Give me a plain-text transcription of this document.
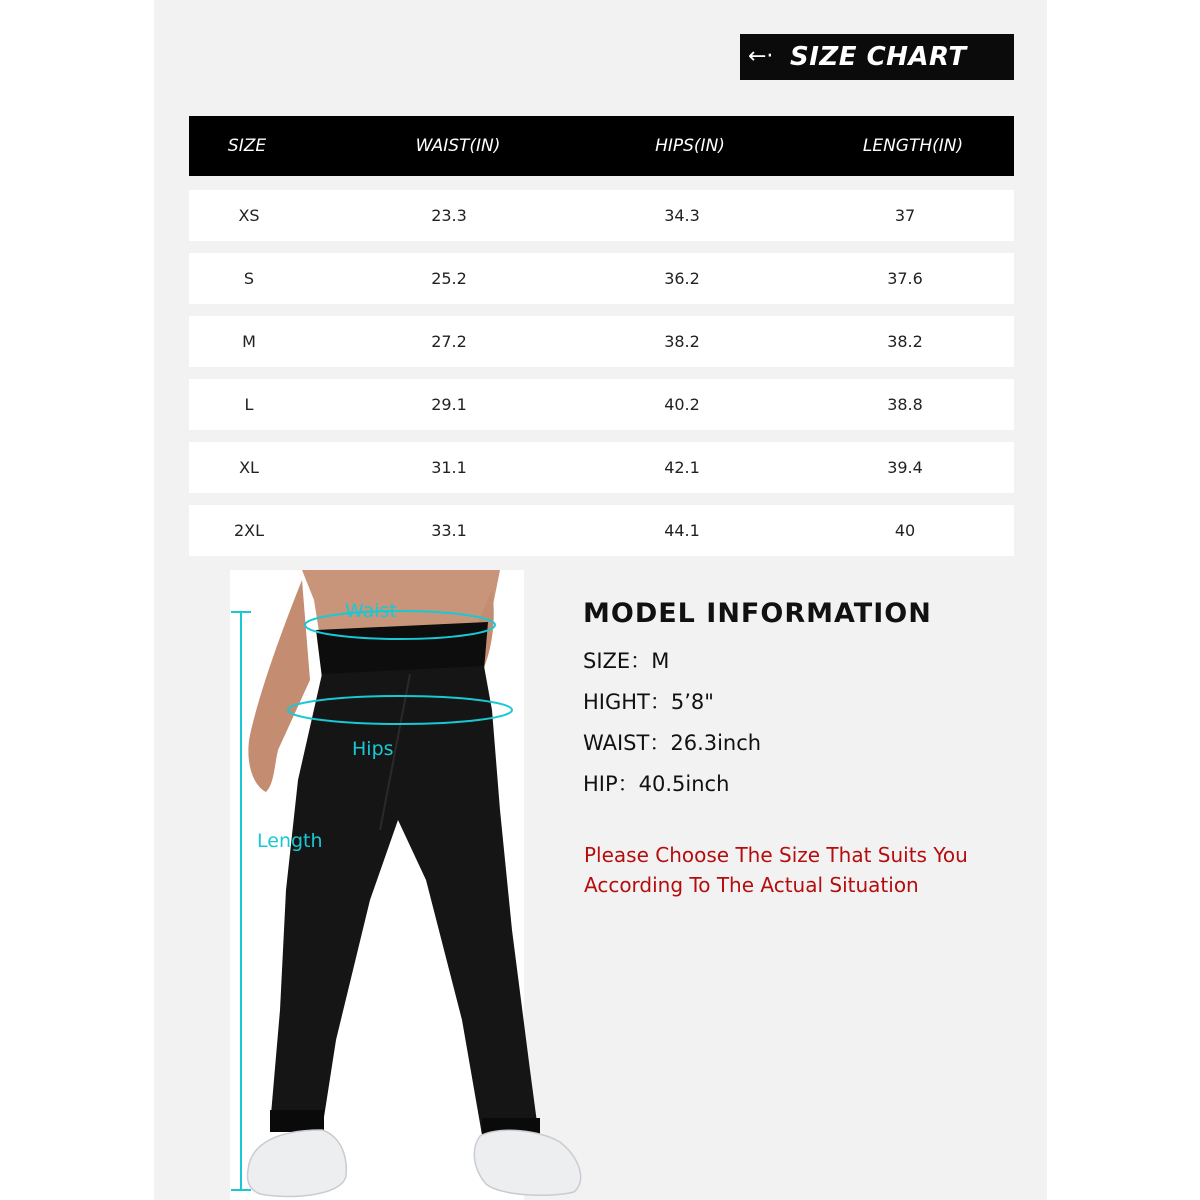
←· SIZE CHART
SIZE	WAIST(IN)	HIPS(IN)	LENGTH(IN)
XS	23.3	34.3	37
S	25.2	36.2	37.6
M	27.2	38.2	38.2
L	29.1	40.2	38.8
XL	31.1	42.1	39.4
2XL	33.1	44.1	40
Waist
Hips
Length
MODEL INFORMATION
SIZE：M
HIGHT：5’8"
WAIST：26.3inch
HIP：40.5inch
Please Choose The Size That Suits You
According To The Actual Situation
